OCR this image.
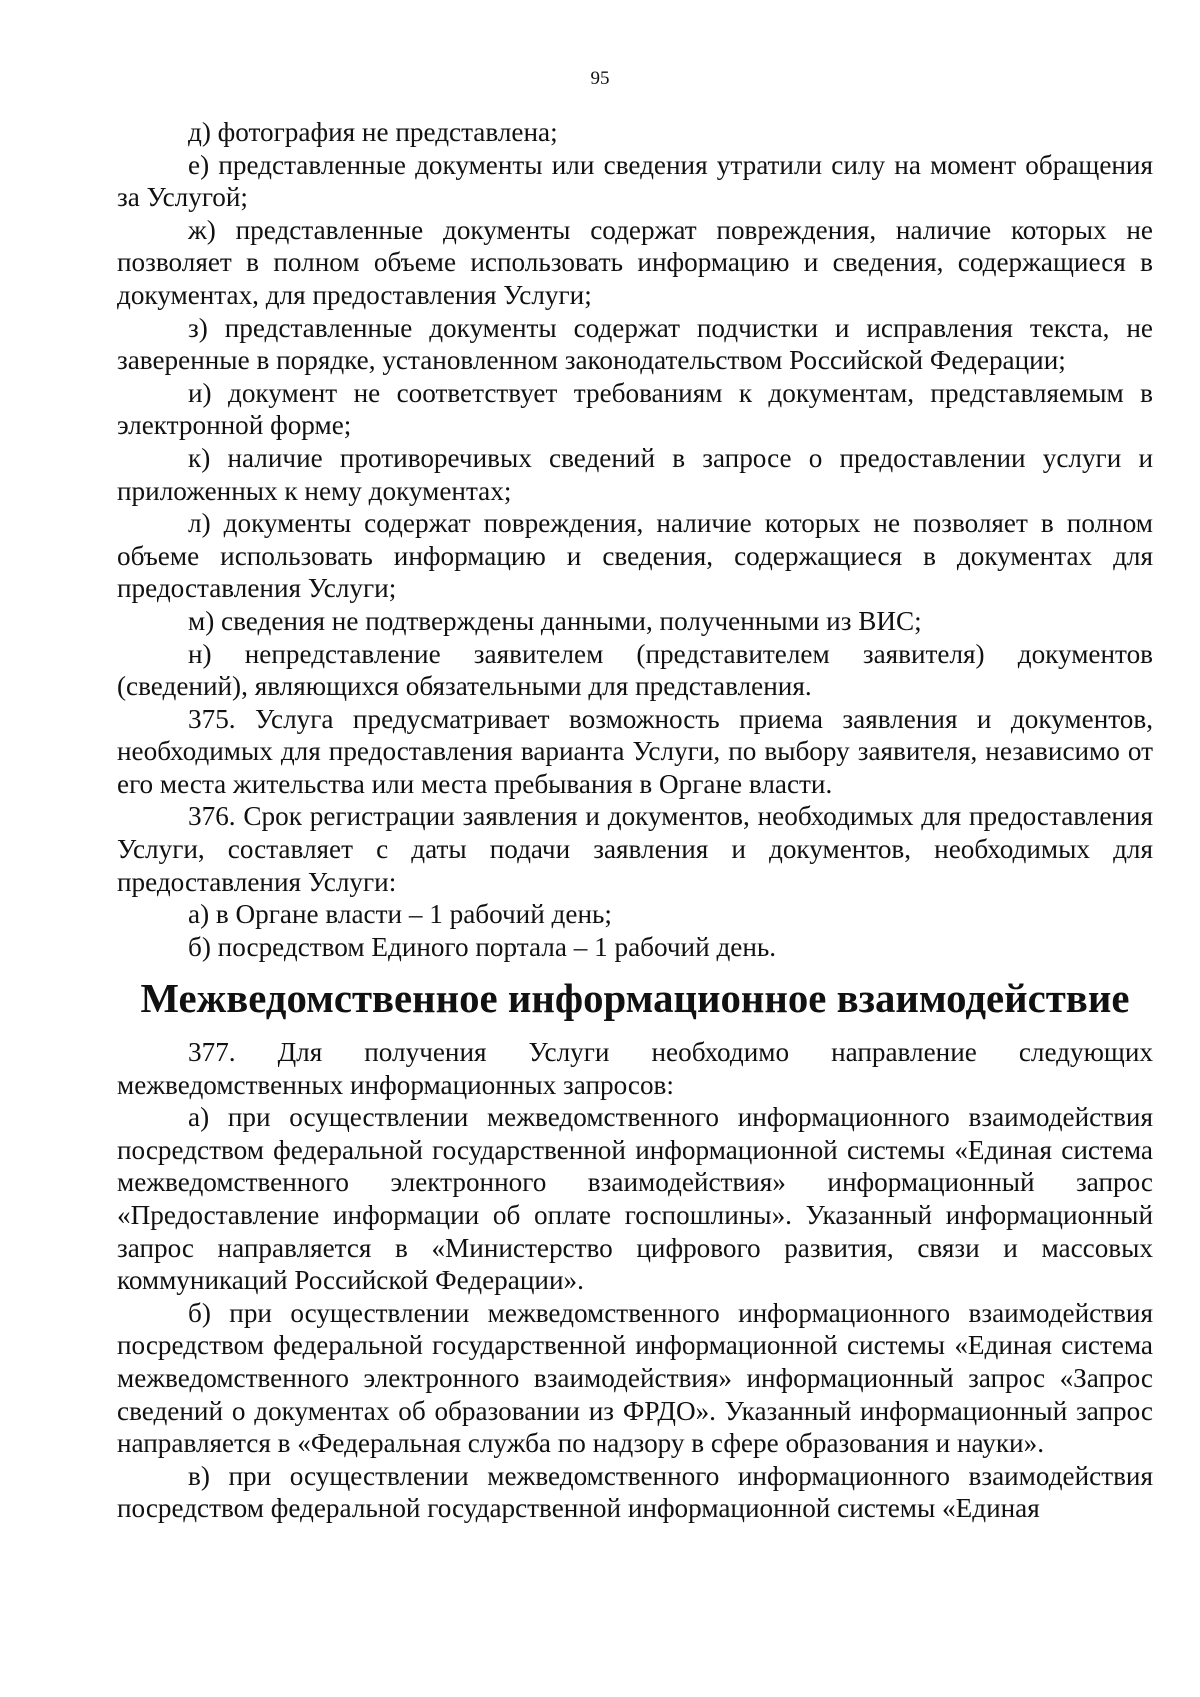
95

д) фотография не представлена;

е) представленные документы или сведения утратили силу на момент обращения за Услугой;

ж) представленные документы содержат повреждения, наличие которых не позволяет в полном объеме использовать информацию и сведения, содержащиеся в документах, для предоставления Услуги;

з) представленные документы содержат подчистки и исправления текста, не заверенные в порядке, установленном законодательством Российской Федерации;

и) документ не соответствует требованиям к документам, представляемым в электронной форме;

к) наличие противоречивых сведений в запросе о предоставлении услуги и приложенных к нему документах;

л) документы содержат повреждения, наличие которых не позволяет в полном объеме использовать информацию и сведения, содержащиеся в документах для предоставления Услуги;

м) сведения не подтверждены данными, полученными из ВИС;

н) непредставление заявителем (представителем заявителя) документов (сведений), являющихся обязательными для представления.

375. Услуга предусматривает возможность приема заявления и документов, необходимых для предоставления варианта Услуги, по выбору заявителя, независимо от его места жительства или места пребывания в Органе власти.

376. Срок регистрации заявления и документов, необходимых для предоставления Услуги, составляет с даты подачи заявления и документов, необходимых для предоставления Услуги:

а) в Органе власти – 1 рабочий день;

б) посредством Единого портала – 1 рабочий день.

Межведомственное информационное взаимодействие

377. Для получения Услуги необходимо направление следующих межведомственных информационных запросов:

а) при осуществлении межведомственного информационного взаимодействия посредством федеральной государственной информационной системы «Единая система межведомственного электронного взаимодействия» информационный запрос «Предоставление информации об оплате госпошлины». Указанный информационный запрос направляется в «Министерство цифрового развития, связи и массовых коммуникаций Российской Федерации».

б) при осуществлении межведомственного информационного взаимодействия посредством федеральной государственной информационной системы «Единая система межведомственного электронного взаимодействия» информационный запрос «Запрос сведений о документах об образовании из ФРДО». Указанный информационный запрос направляется в «Федеральная служба по надзору в сфере образования и науки».

в) при осуществлении межведомственного информационного взаимодействия посредством федеральной государственной информационной системы «Единая
